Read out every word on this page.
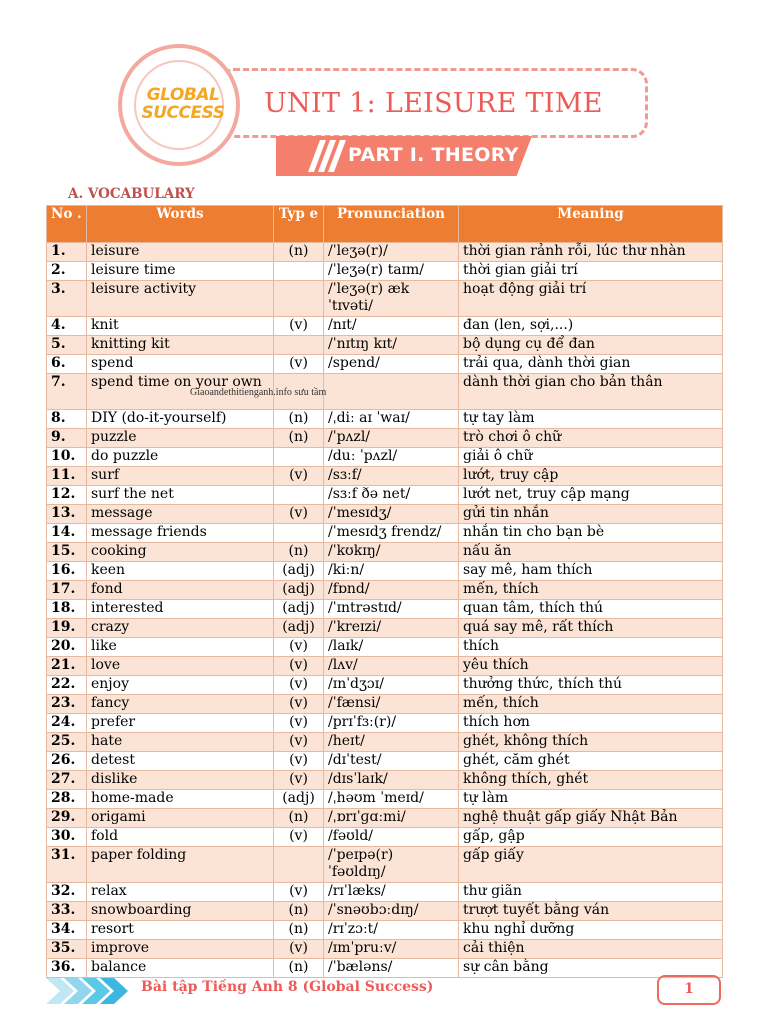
GLOBAL
SUCCESS	UNIT 1: LEISURE TIME
PART I. THEORY
A. VOCABULARY
No .	Words	Typ e	Pronunciation	Meaning
1.	leisure	(n)	/ˈleʒə(r)/	thời gian rảnh rỗi, lúc thư nhàn
2.	leisure time		/ˈleʒə(r) taɪm/	thời gian giải trí
3.	leisure activity		/ˈleʒə(r) æk ˈtɪvəti/	hoạt động giải trí
4.	knit	(v)	/nɪt/	đan (len, sợi,...)
5.	knitting kit		/ˈnɪtɪŋ kɪt/	bộ dụng cụ để đan
6.	spend	(v)	/spend/	trải qua, dành thời gian
7.	spend time on your own			dành thời gian cho bản thân
8.	DIY (do-it-yourself)	(n)	/ˌdiː aɪ ˈwaɪ/	tự tay làm
9.	puzzle	(n)	/ˈpʌzl/	trò chơi ô chữ
10.	do puzzle		/duː ˈpʌzl/	giải ô chữ
11.	surf	(v)	/sɜːf/	lướt, truy cập
12.	surf the net		/sɜːf ðə net/	lướt net, truy cập mạng
13.	message	(v)	/ˈmesɪdʒ/	gửi tin nhắn
14.	message friends		/ˈmesɪdʒ frendz/	nhắn tin cho bạn bè
15.	cooking	(n)	/ˈkʊkɪŋ/	nấu ăn
16.	keen	(adj)	/kiːn/	say mê, ham thích
17.	fond	(adj)	/fɒnd/	mến, thích
18.	interested	(adj)	/ˈɪntrəstɪd/	quan tâm, thích thú
19.	crazy	(adj)	/ˈkreɪzi/	quá say mê, rất thích
20.	like	(v)	/laɪk/	thích
21.	love	(v)	/lʌv/	yêu thích
22.	enjoy	(v)	/ɪnˈdʒɔɪ/	thưởng thức, thích thú
23.	fancy	(v)	/ˈfænsi/	mến, thích
24.	prefer	(v)	/prɪˈfɜː(r)/	thích hơn
25.	hate	(v)	/heɪt/	ghét, không thích
26.	detest	(v)	/dɪˈtest/	ghét, căm ghét
27.	dislike	(v)	/dɪsˈlaɪk/	không thích, ghét
28.	home-made	(adj)	/ˌhəʊm ˈmeɪd/	tự làm
29.	origami	(n)	/ˌɒrɪˈɡɑːmi/	nghệ thuật gấp giấy Nhật Bản
30.	fold	(v)	/fəʊld/	gấp, gập
31.	paper folding		/ˈpeɪpə(r) ˈfəʊldɪŋ/	gấp giấy
32.	relax	(v)	/rɪˈlæks/	thư giãn
33.	snowboarding	(n)	/ˈsnəʊbɔːdɪŋ/	trượt tuyết bằng ván
34.	resort	(n)	/rɪˈzɔːt/	khu nghỉ dưỡng
35.	improve	(v)	/ɪmˈpruːv/	cải thiện
36.	balance	(n)	/ˈbæləns/	sự cân bằng
Giaoandethitienganh.info sưu tầm
Bài tập Tiếng Anh 8 (Global Success)	1
